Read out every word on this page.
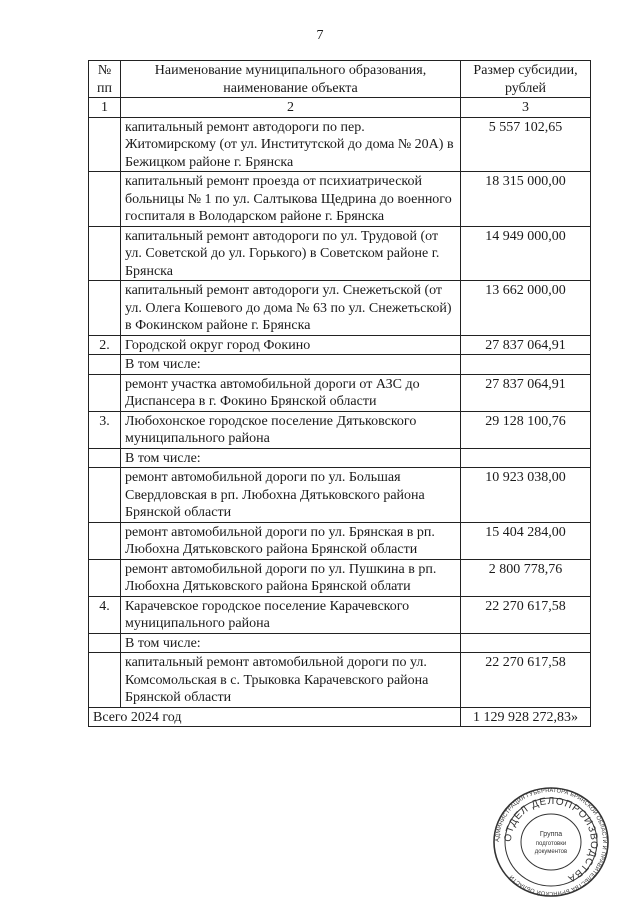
7
№ пп	Наименование муниципального образования, наименование объекта	Размер субсидии, рублей
1	2	3
	капитальный ремонт автодороги по пер. Житомирскому (от ул. Институтской до дома № 20А) в Бежицком районе г. Брянска	5 557 102,65
	капитальный ремонт проезда от психиатрической больницы № 1 по ул. Салтыкова Щедрина до военного госпиталя в Володарском районе г. Брянска	18 315 000,00
	капитальный ремонт автодороги по ул. Трудовой (от ул. Советской до ул. Горького) в Советском районе г. Брянска	14 949 000,00
	капитальный ремонт автодороги ул. Снежетьской (от ул. Олега Кошевого до дома № 63 по ул. Снежетьской) в Фокинском районе г. Брянска	13 662 000,00
2.	Городской округ город Фокино	27 837 064,91
	В том числе:	
	ремонт участка автомобильной дороги от АЗС до Диспансера в г. Фокино Брянской области	27 837 064,91
3.	Любохонское городское поселение Дятьковского муниципального района	29 128 100,76
	В том числе:	
	ремонт автомобильной дороги по ул. Большая Свердловская в рп. Любохна Дятьковского района Брянской области	10 923 038,00
	ремонт автомобильной дороги по ул. Брянская в рп. Любохна Дятьковского района Брянской области	15 404 284,00
	ремонт автомобильной дороги по ул. Пушкина в рп. Любохна Дятьковского района Брянской облати	2 800 778,76
4.	Карачевское городское поселение Карачевского муниципального района	22 270 617,58
	В том числе:	
	капитальный ремонт автомобильной дороги по ул. Комсомольская в с. Трыковка Карачевского района Брянской области	22 270 617,58
Всего 2024 год		1 129 928 272,83»
АДМИНИСТРАЦИЯ ГУБЕРНАТОРА БРЯНСКОЙ ОБЛАСТИ И ПРАВИТЕЛЬСТВА БРЯНСКОЙ ОБЛАСТИ
ОТДЕЛ ДЕЛОПРОИЗВОДСТВА
Группа
подготовки
документов
